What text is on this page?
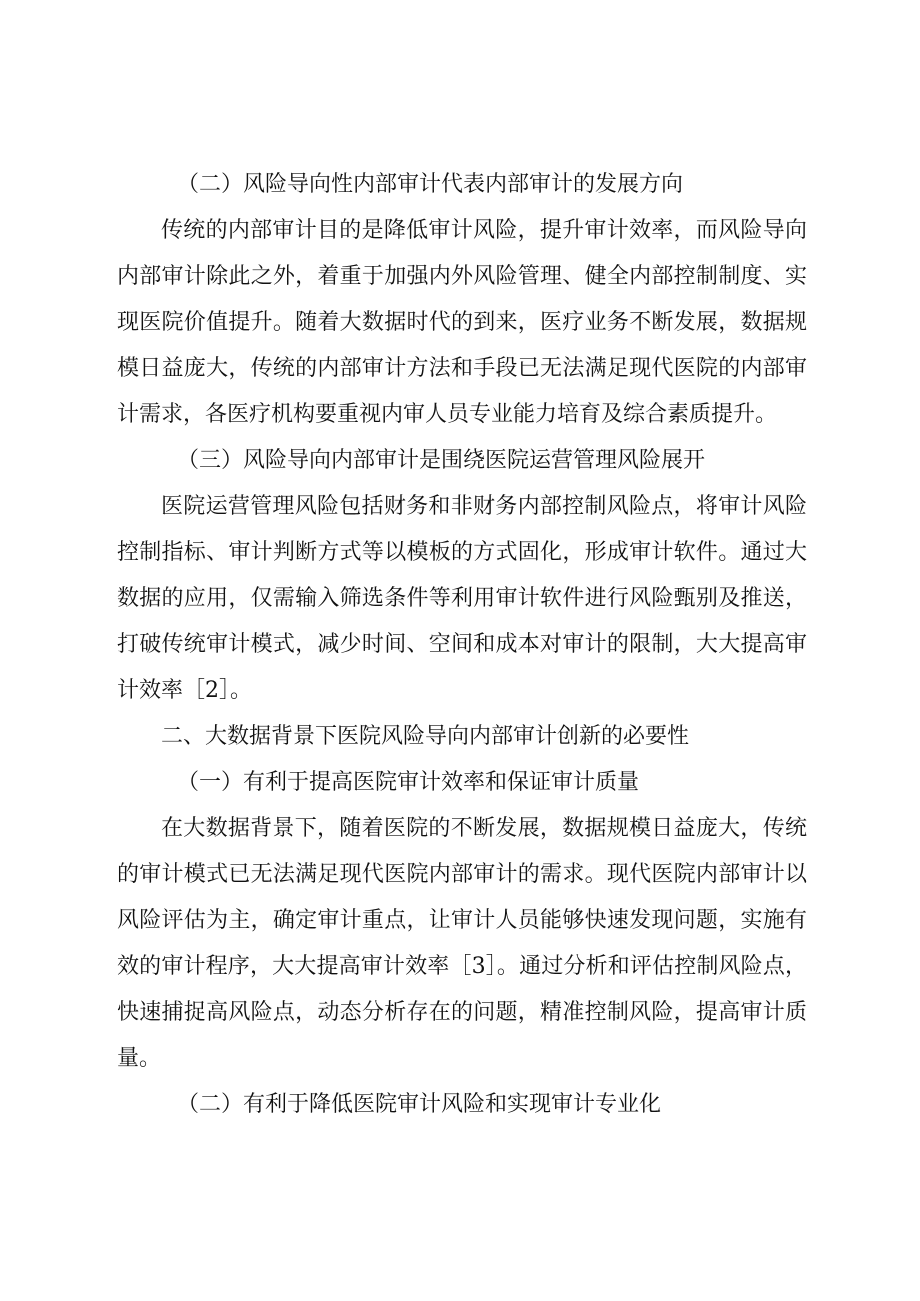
（二）风险导向性内部审计代表内部审计的发展方向

传统的内部审计目的是降低审计风险，提升审计效率，而风险导向内部审计除此之外，着重于加强内外风险管理、健全内部控制制度、实现医院价值提升。随着大数据时代的到来，医疗业务不断发展，数据规模日益庞大，传统的内部审计方法和手段已无法满足现代医院的内部审计需求，各医疗机构要重视内审人员专业能力培育及综合素质提升。

（三）风险导向内部审计是围绕医院运营管理风险展开

医院运营管理风险包括财务和非财务内部控制风险点，将审计风险控制指标、审计判断方式等以模板的方式固化，形成审计软件。通过大数据的应用，仅需输入筛选条件等利用审计软件进行风险甄别及推送，打破传统审计模式，减少时间、空间和成本对审计的限制，大大提高审计效率［2］。

二、大数据背景下医院风险导向内部审计创新的必要性

（一）有利于提高医院审计效率和保证审计质量

在大数据背景下，随着医院的不断发展，数据规模日益庞大，传统的审计模式已无法满足现代医院内部审计的需求。现代医院内部审计以风险评估为主，确定审计重点，让审计人员能够快速发现问题，实施有效的审计程序，大大提高审计效率［3］。通过分析和评估控制风险点，快速捕捉高风险点，动态分析存在的问题，精准控制风险，提高审计质量。

（二）有利于降低医院审计风险和实现审计专业化
